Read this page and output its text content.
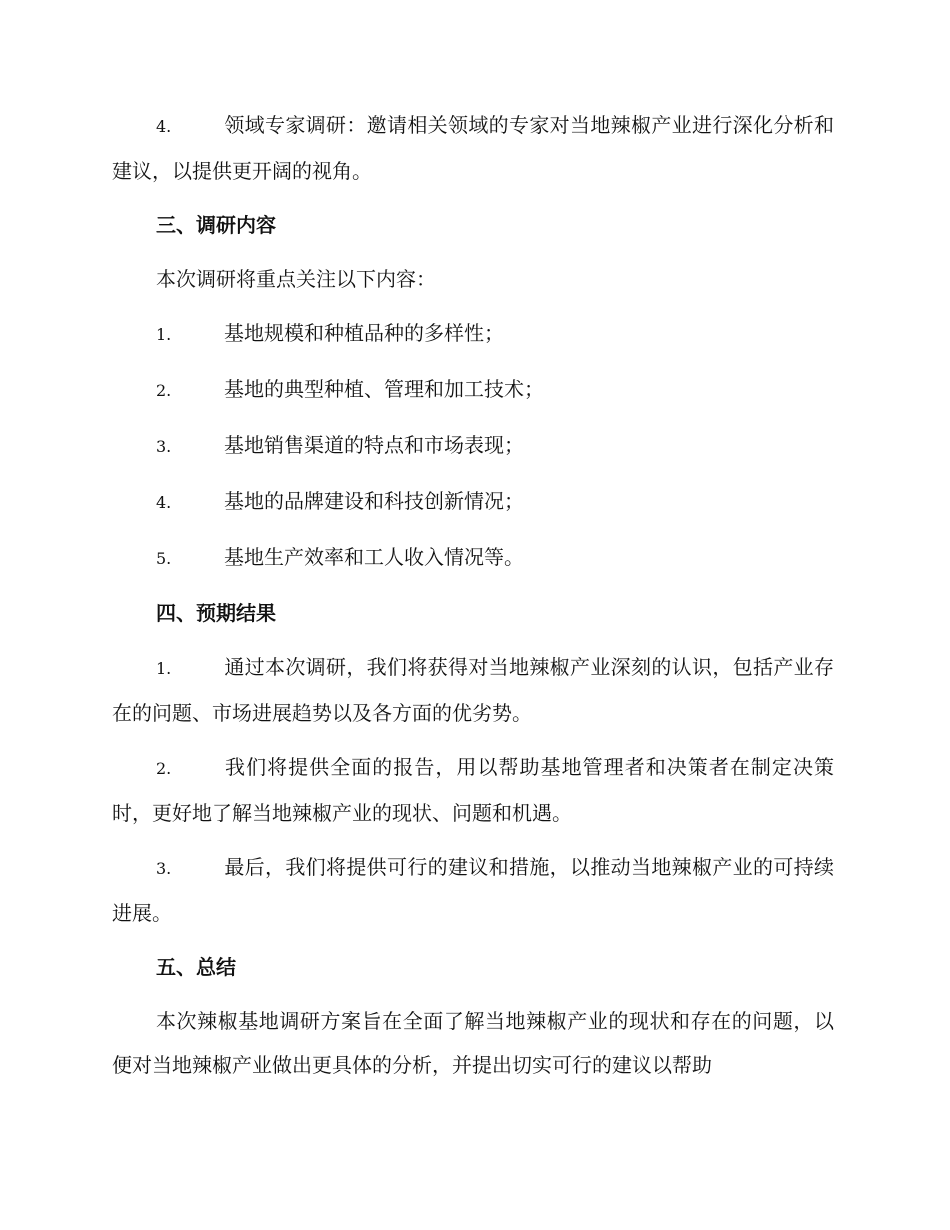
4.	领域专家调研：邀请相关领域的专家对当地辣椒产业进行深化分析和建议，以提供更开阔的视角。

三、调研内容

本次调研将重点关注以下内容：

1.	基地规模和种植品种的多样性；

2.	基地的典型种植、管理和加工技术；

3.	基地销售渠道的特点和市场表现；

4.	基地的品牌建设和科技创新情况；

5.	基地生产效率和工人收入情况等。

四、预期结果

1.	通过本次调研，我们将获得对当地辣椒产业深刻的认识，包括产业存在的问题、市场进展趋势以及各方面的优劣势。

2.	我们将提供全面的报告，用以帮助基地管理者和决策者在制定决策时，更好地了解当地辣椒产业的现状、问题和机遇。

3.	最后，我们将提供可行的建议和措施，以推动当地辣椒产业的可持续进展。

五、总结

本次辣椒基地调研方案旨在全面了解当地辣椒产业的现状和存在的问题，以便对当地辣椒产业做出更具体的分析，并提出切实可行的建议以帮助
